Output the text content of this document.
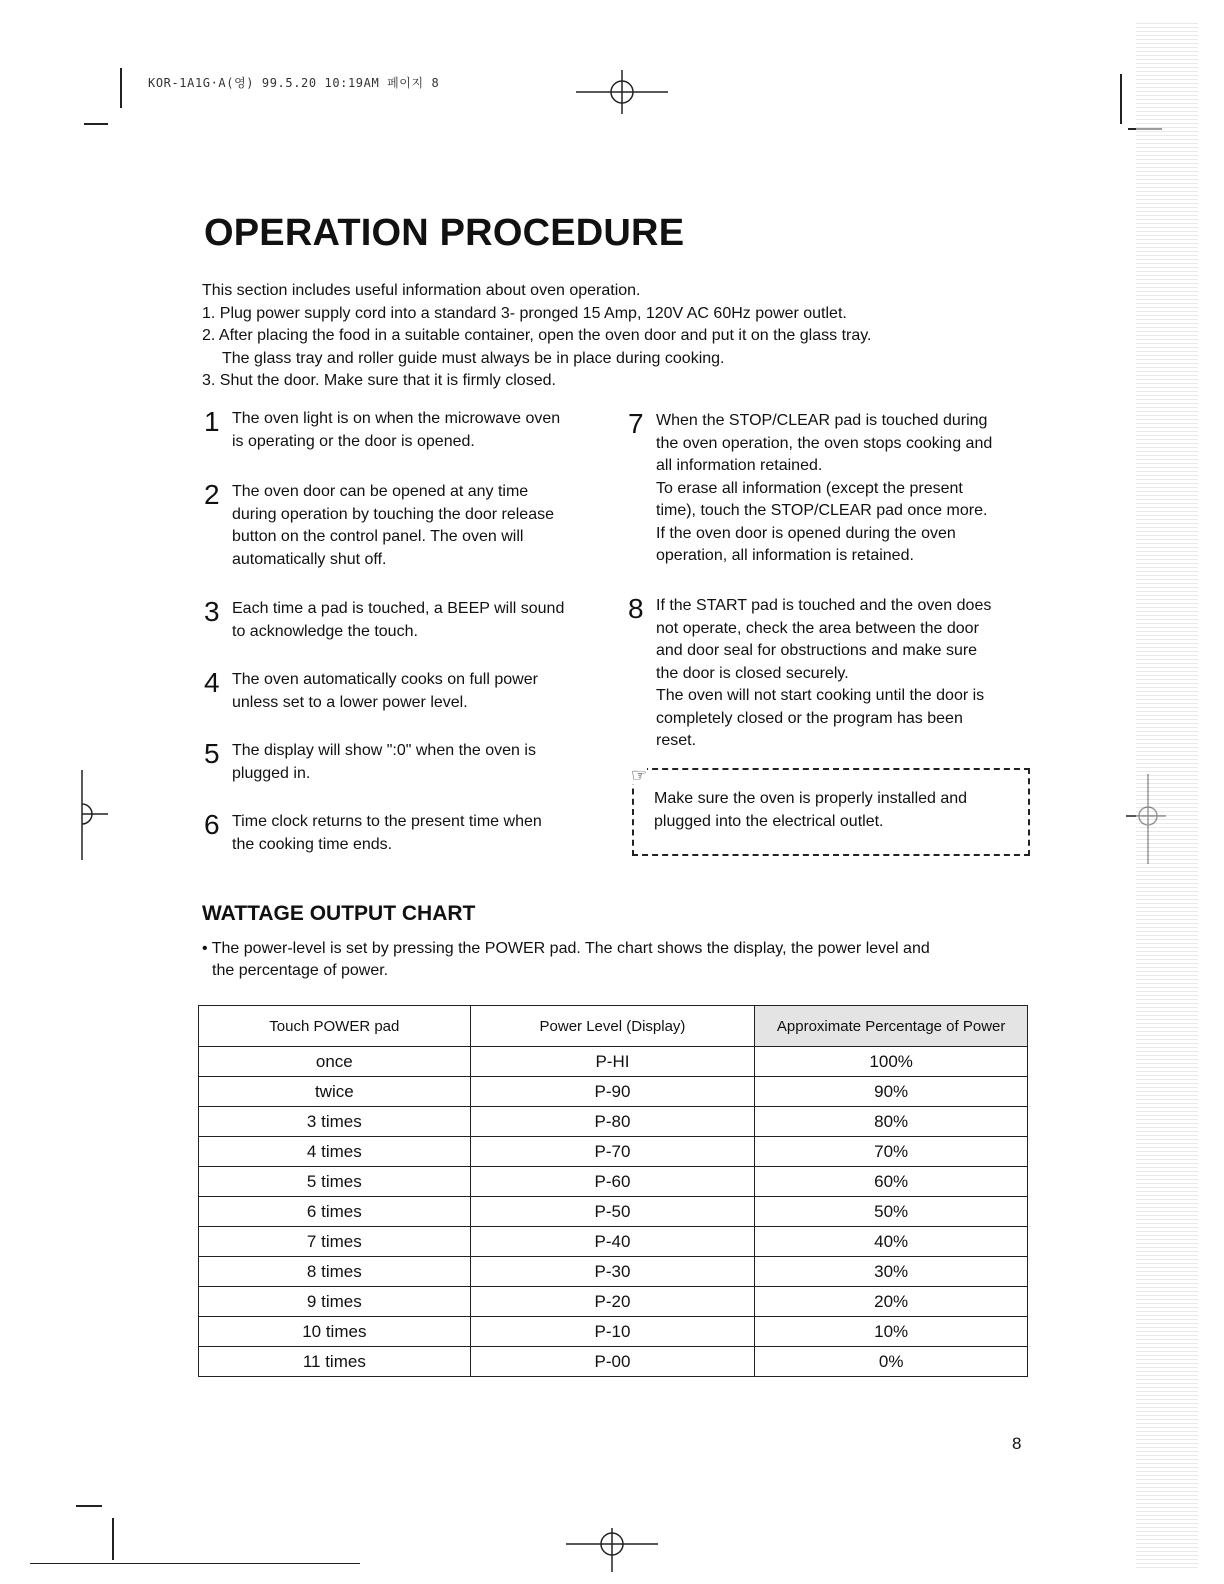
KOR-1A1G·A(영) 99.5.20 10:19AM 페이지 8
OPERATION PROCEDURE

This section includes useful information about oven operation.

1. Plug power supply cord into a standard 3- pronged 15 Amp, 120V AC 60Hz power outlet.

2. After placing the food in a suitable container, open the oven door and put it on the glass tray.

The glass tray and roller guide must always be in place during cooking.

3. Shut the door. Make sure that it is firmly closed.

1 The oven light is on when the microwave oven
is operating or the door is opened.
2 The oven door can be opened at any time
during operation by touching the door release
button on the control panel. The oven will
automatically shut off.
3 Each time a pad is touched, a BEEP will sound
to acknowledge the touch.
4 The oven automatically cooks on full power
unless set to a lower power level.
5 The display will show ":0" when the oven is
plugged in.
6 Time clock returns to the present time when
the cooking time ends.
7 When the STOP/CLEAR pad is touched during
the oven operation, the oven stops cooking and
all information retained.
To erase all information (except the present
time), touch the STOP/CLEAR pad once more.
If the oven door is opened during the oven
operation, all information is retained.
8 If the START pad is touched and the oven does
not operate, check the area between the door
and door seal for obstructions and make sure
the door is closed securely.
The oven will not start cooking until the door is
completely closed or the program has been
reset.
☞
Make sure the oven is properly installed and
plugged into the electrical outlet.
WATTAGE OUTPUT CHART
• The power-level is set by pressing the POWER pad. The chart shows the display, the power level and
the percentage of power.
Touch POWER pad	Power Level (Display)	Approximate Percentage of Power
once	P-HI	100%
twice	P-90	90%
3 times	P-80	80%
4 times	P-70	70%
5 times	P-60	60%
6 times	P-50	50%
7 times	P-40	40%
8 times	P-30	30%
9 times	P-20	20%
10 times	P-10	10%
11 times	P-00	0%
8
